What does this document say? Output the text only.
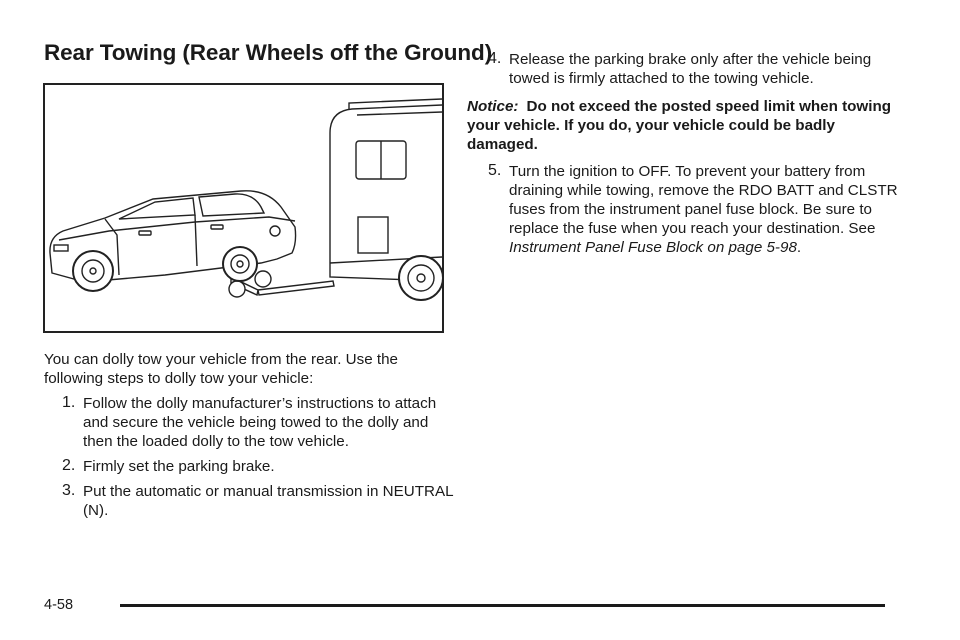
Rear Towing (Rear Wheels off the Ground)

You can dolly tow your vehicle from the rear. Use the following steps to dolly tow your vehicle:

1. Follow the dolly manufacturer’s instructions to attach and secure the vehicle being towed to the dolly and then the loaded dolly to the tow vehicle.

2. Firmly set the parking brake.

3. Put the automatic or manual transmission in NEUTRAL (N).

4. Release the parking brake only after the vehicle being towed is firmly attached to the towing vehicle.

Notice: Do not exceed the posted speed limit when towing your vehicle. If you do, your vehicle could be badly damaged.

5. Turn the ignition to OFF. To prevent your battery from draining while towing, remove the RDO BATT and CLSTR fuses from the instrument panel fuse block. Be sure to replace the fuse when you reach your destination. See Instrument Panel Fuse Block on page 5-98.

4-58
